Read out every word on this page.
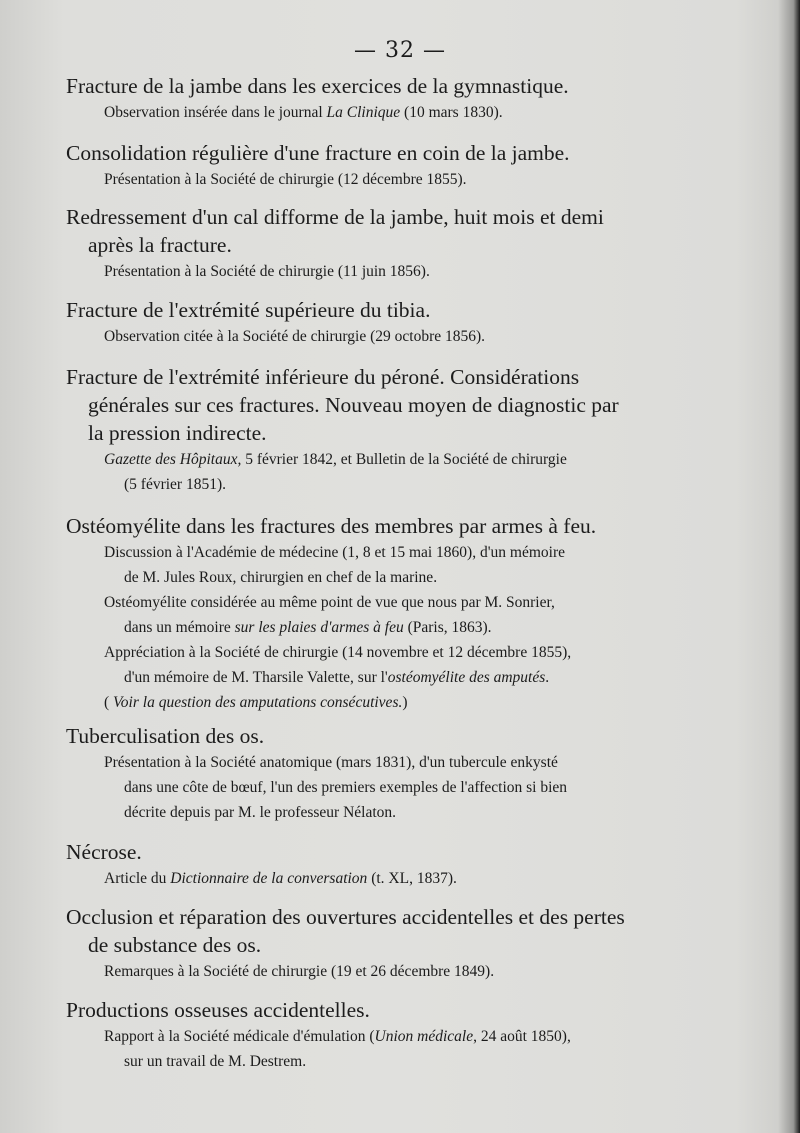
— 32 —
Fracture de la jambe dans les exercices de la gymnastique.
Observation insérée dans le journal La Clinique (10 mars 1830).
Consolidation régulière d'une fracture en coin de la jambe.
Présentation à la Société de chirurgie (12 décembre 1855).
Redressement d'un cal difforme de la jambe, huit mois et demi
après la fracture.
Présentation à la Société de chirurgie (11 juin 1856).
Fracture de l'extrémité supérieure du tibia.
Observation citée à la Société de chirurgie (29 octobre 1856).
Fracture de l'extrémité inférieure du péroné. Considérations
générales sur ces fractures. Nouveau moyen de diagnostic par
la pression indirecte.
Gazette des Hôpitaux, 5 février 1842, et Bulletin de la Société de chirurgie
(5 février 1851).
Ostéomyélite dans les fractures des membres par armes à feu.
Discussion à l'Académie de médecine (1, 8 et 15 mai 1860), d'un mémoire
de M. Jules Roux, chirurgien en chef de la marine.
Ostéomyélite considérée au même point de vue que nous par M. Sonrier,
dans un mémoire sur les plaies d'armes à feu (Paris, 1863).
Appréciation à la Société de chirurgie (14 novembre et 12 décembre 1855),
d'un mémoire de M. Tharsile Valette, sur l'ostéomyélite des amputés.
( Voir la question des amputations consécutives.)
Tuberculisation des os.
Présentation à la Société anatomique (mars 1831), d'un tubercule enkysté
dans une côte de bœuf, l'un des premiers exemples de l'affection si bien
décrite depuis par M. le professeur Nélaton.
Nécrose.
Article du Dictionnaire de la conversation (t. XL, 1837).
Occlusion et réparation des ouvertures accidentelles et des pertes
de substance des os.
Remarques à la Société de chirurgie (19 et 26 décembre 1849).
Productions osseuses accidentelles.
Rapport à la Société médicale d'émulation (Union médicale, 24 août 1850),
sur un travail de M. Destrem.
